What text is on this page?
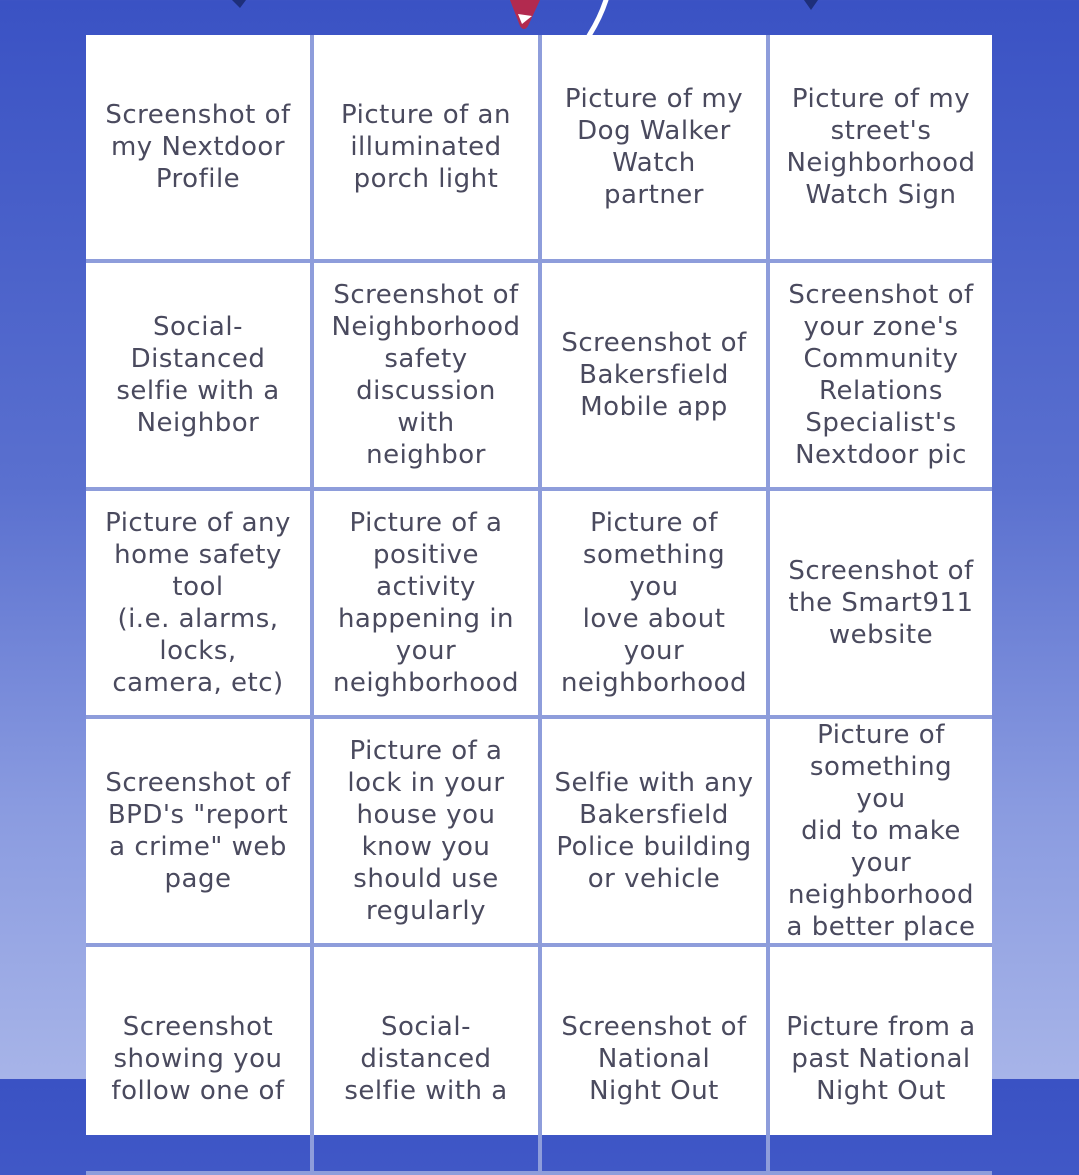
Screenshot of
my Nextdoor
Profile
Picture of an
illuminated
porch light
Picture of my
Dog Walker
Watch
partner
Picture of my
street's
Neighborhood
Watch Sign
Social-
Distanced
selfie with a
Neighbor
Screenshot of
Neighborhood
safety
discussion with
neighbor
Screenshot of
Bakersfield
Mobile app
Screenshot of
your zone's
Community
Relations
Specialist's
Nextdoor pic
Picture of any
home safety
tool
(i.e. alarms,
locks,
camera, etc)
Picture of a
positive
activity
happening in
your
neighborhood
Picture of
something you
love about
your
neighborhood
Screenshot of
the Smart911
website
Screenshot of
BPD's "report
a crime" web
page
Picture of a
lock in your
house you
know you
should use
regularly
Selfie with any
Bakersfield
Police building
or vehicle
Picture of
something you
did to make
your
neighborhood
a better place
Screenshot
showing you
follow one of
Social-
distanced
selfie with a
Screenshot of
National
Night Out
Picture from a
past National
Night Out
